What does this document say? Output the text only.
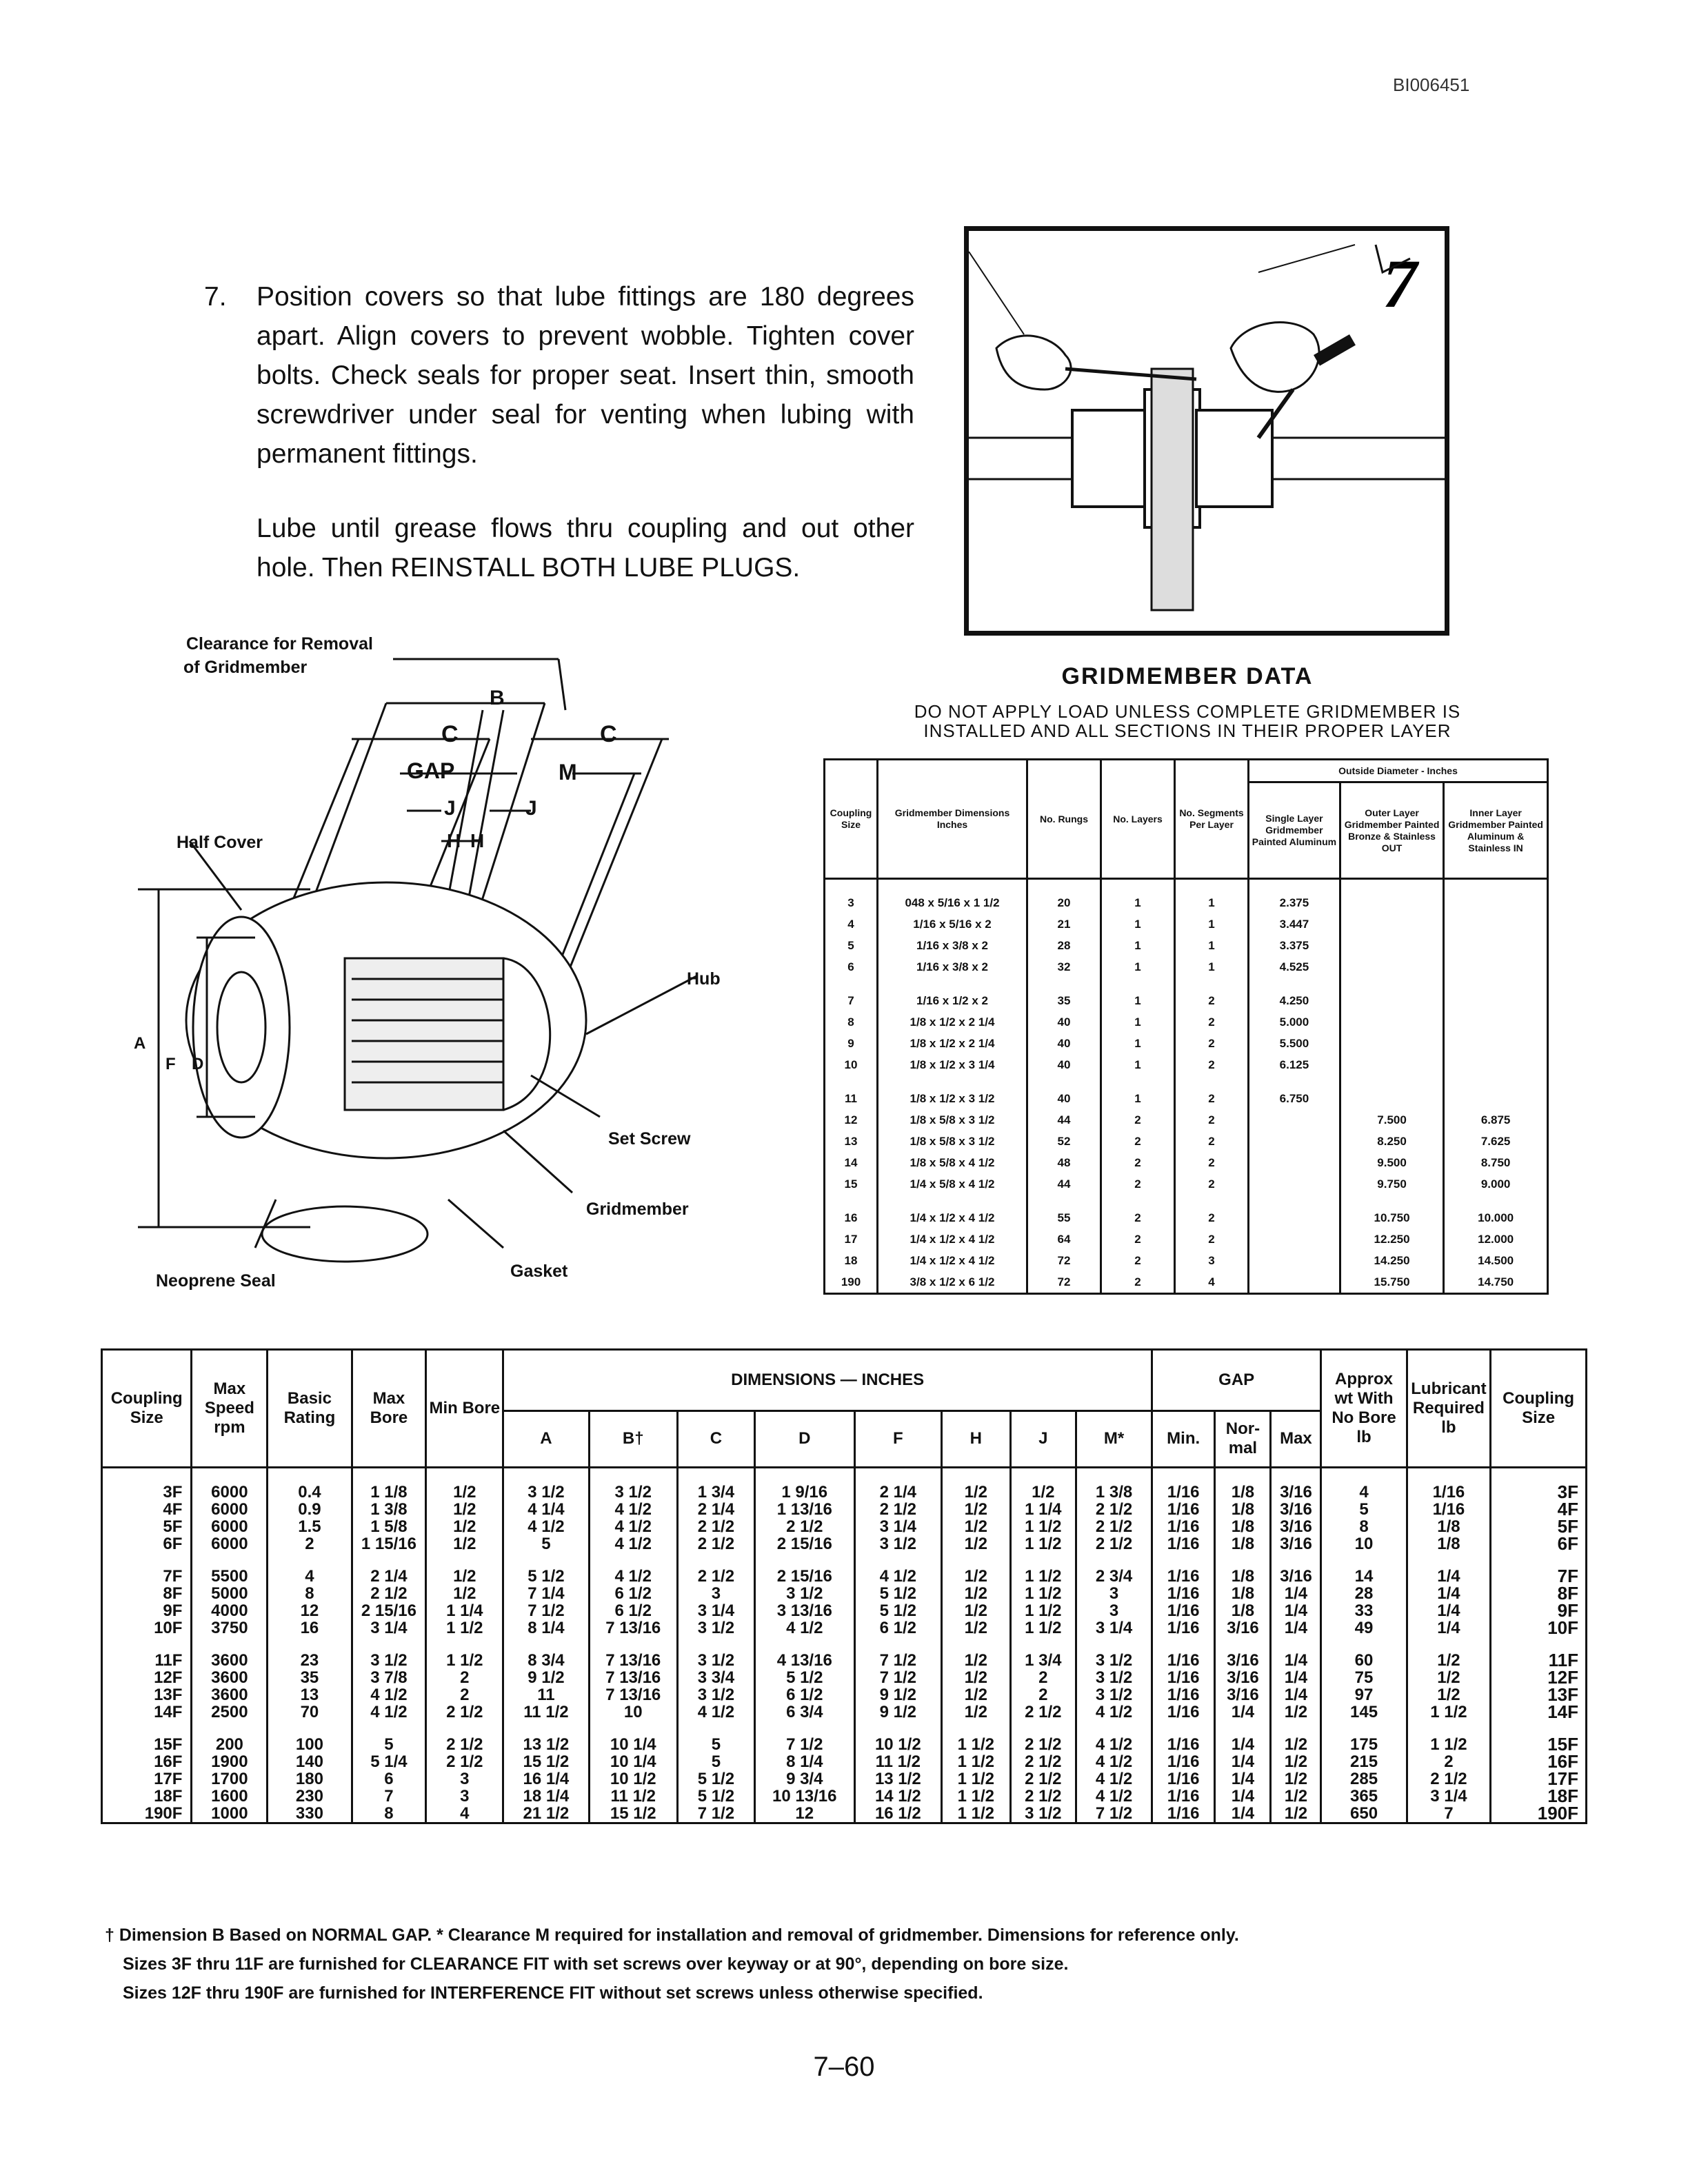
BI006451
7. Position covers so that lube fittings are 180 degrees apart. Align covers to prevent wobble. Tighten cover bolts. Check seals for proper seat. Insert thin, smooth screwdriver under seal for venting when lubing with permanent fittings.
Lube until grease flows thru coupling and out other hole. Then REINSTALL BOTH LUBE PLUGS.
7
Clearance for Removal
of Gridmember
B
C	C
GAP	M
J	J
H H
A
F D
Half Cover
Hub
Set Screw
Gridmember
Neoprene Seal	Gasket
GRIDMEMBER DATA
DO NOT APPLY LOAD UNLESS COMPLETE GRIDMEMBER IS
INSTALLED AND ALL SECTIONS IN THEIR PROPER LAYER
Coupling Size	Gridmember Dimensions Inches	No. Rungs	No. Layers	No. Segments Per Layer	Outside Diameter - Inches		
					Single Layer Gridmember Painted Aluminum	Outer Layer Gridmember Painted Bronze & Stainless OUT	Inner Layer Gridmember Painted Aluminum & Stainless IN

3	048 x 5/16 x 1 1/2	20	1	1	2.375		
4	1/16 x 5/16 x 2	21	1	1	3.447		
5	1/16 x 3/8 x 2	28	1	1	3.375		
6	1/16 x 3/8 x 2	32	1	1	4.525		

7	1/16 x 1/2 x 2	35	1	2	4.250		
8	1/8 x 1/2 x 2 1/4	40	1	2	5.000		
9	1/8 x 1/2 x 2 1/4	40	1	2	5.500		
10	1/8 x 1/2 x 3 1/4	40	1	2	6.125		

11	1/8 x 1/2 x 3 1/2	40	1	2	6.750		
12	1/8 x 5/8 x 3 1/2	44	2	2		7.500	6.875
13	1/8 x 5/8 x 3 1/2	52	2	2		8.250	7.625
14	1/8 x 5/8 x 4 1/2	48	2	2		9.500	8.750
15	1/4 x 5/8 x 4 1/2	44	2	2		9.750	9.000

16	1/4 x 1/2 x 4 1/2	55	2	2		10.750	10.000
17	1/4 x 1/2 x 4 1/2	64	2	2		12.250	12.000
18	1/4 x 1/2 x 4 1/2	72	2	3		14.250	14.500
190	3/8 x 1/2 x 6 1/2	72	2	4		15.750	14.750
Coupling Size	Max Speed rpm	Basic Rating	Max Bore	Min Bore	DIMENSIONS — INCHES								GAP			Approx wt With No Bore lb	Lubricant Required lb	Coupling Size
					A	B†	C	D	F	H	J	M*	Min.	Nor- mal	Max			

3F	6000	0.4	1 1/8	1/2	3 1/2	3 1/2	1 3/4	1 9/16	2 1/4	1/2	1/2	1 3/8	1/16	1/8	3/16	4	1/16	3F
4F	6000	0.9	1 3/8	1/2	4 1/4	4 1/2	2 1/4	1 13/16	2 1/2	1/2	1 1/4	2 1/2	1/16	1/8	3/16	5	1/16	4F
5F	6000	1.5	1 5/8	1/2	4 1/2	4 1/2	2 1/2	2 1/2	3 1/4	1/2	1 1/2	2 1/2	1/16	1/8	3/16	8	1/8	5F
6F	6000	2	1 15/16	1/2	5	4 1/2	2 1/2	2 15/16	3 1/2	1/2	1 1/2	2 1/2	1/16	1/8	3/16	10	1/8	6F

7F	5500	4	2 1/4	1/2	5 1/2	4 1/2	2 1/2	2 15/16	4 1/2	1/2	1 1/2	2 3/4	1/16	1/8	3/16	14	1/4	7F
8F	5000	8	2 1/2	1/2	7 1/4	6 1/2	3	3 1/2	5 1/2	1/2	1 1/2	3	1/16	1/8	1/4	28	1/4	8F
9F	4000	12	2 15/16	1 1/4	7 1/2	6 1/2	3 1/4	3 13/16	5 1/2	1/2	1 1/2	3	1/16	1/8	1/4	33	1/4	9F
10F	3750	16	3 1/4	1 1/2	8 1/4	7 13/16	3 1/2	4 1/2	6 1/2	1/2	1 1/2	3 1/4	1/16	3/16	1/4	49	1/4	10F

11F	3600	23	3 1/2	1 1/2	8 3/4	7 13/16	3 1/2	4 13/16	7 1/2	1/2	1 3/4	3 1/2	1/16	3/16	1/4	60	1/2	11F
12F	3600	35	3 7/8	2	9 1/2	7 13/16	3 3/4	5 1/2	7 1/2	1/2	2	3 1/2	1/16	3/16	1/4	75	1/2	12F
13F	3600	13	4 1/2	2	11	7 13/16	3 1/2	6 1/2	9 1/2	1/2	2	3 1/2	1/16	3/16	1/4	97	1/2	13F
14F	2500	70	4 1/2	2 1/2	11 1/2	10	4 1/2	6 3/4	9 1/2	1/2	2 1/2	4 1/2	1/16	1/4	1/2	145	1 1/2	14F

15F	200	100	5	2 1/2	13 1/2	10 1/4	5	7 1/2	10 1/2	1 1/2	2 1/2	4 1/2	1/16	1/4	1/2	175	1 1/2	15F
16F	1900	140	5 1/4	2 1/2	15 1/2	10 1/4	5	8 1/4	11 1/2	1 1/2	2 1/2	4 1/2	1/16	1/4	1/2	215	2	16F
17F	1700	180	6	3	16 1/4	10 1/2	5 1/2	9 3/4	13 1/2	1 1/2	2 1/2	4 1/2	1/16	1/4	1/2	285	2 1/2	17F
18F	1600	230	7	3	18 1/4	11 1/2	5 1/2	10 13/16	14 1/2	1 1/2	2 1/2	4 1/2	1/16	1/4	1/2	365	3 1/4	18F
190F	1000	330	8	4	21 1/2	15 1/2	7 1/2	12	16 1/2	1 1/2	3 1/2	7 1/2	1/16	1/4	1/2	650	7	190F
† Dimension B Based on NORMAL GAP. * Clearance M required for installation and removal of gridmember. Dimensions for reference only.
Sizes 3F thru 11F are furnished for CLEARANCE FIT with set screws over keyway or at 90°, depending on bore size.
Sizes 12F thru 190F are furnished for INTERFERENCE FIT without set screws unless otherwise specified.
7–60
